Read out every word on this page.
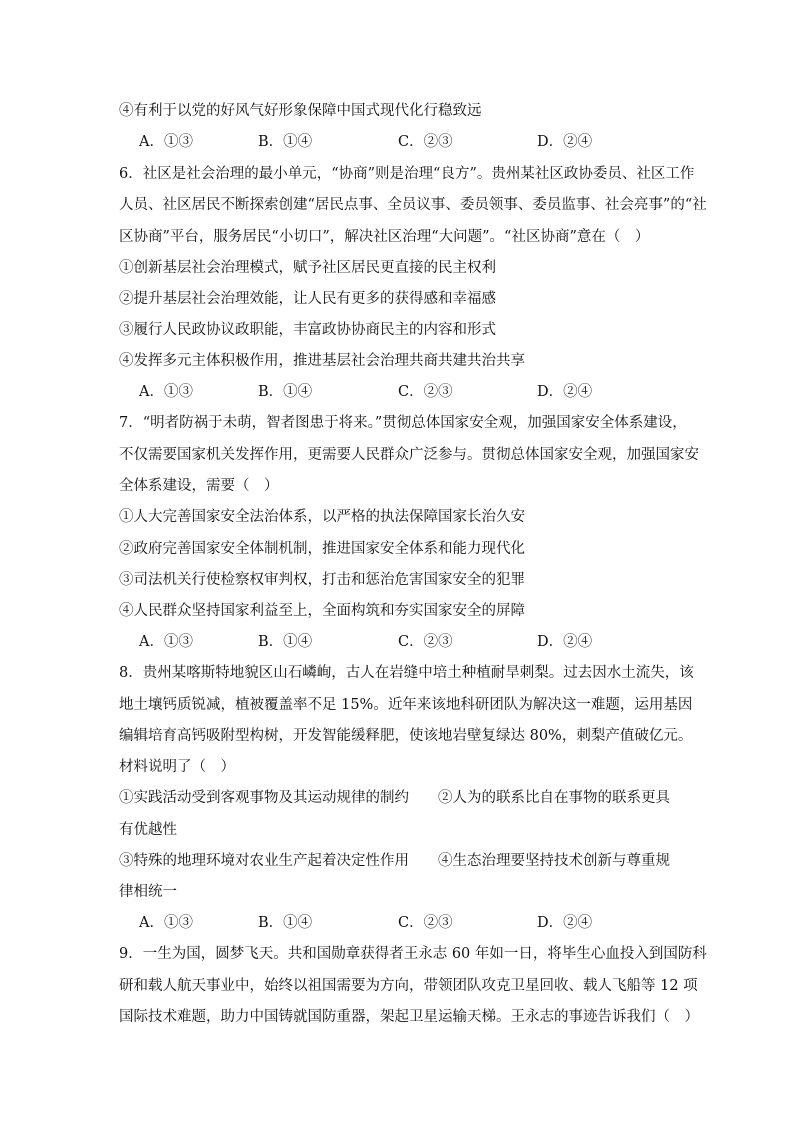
④有利于以党的好风气好形象保障中国式现代化行稳致远
A．①③	B．①④	C．②③	D．②④
6．社区是社会治理的最小单元，“协商”则是治理“良方”。贵州某社区政协委员、社区工作
人员、社区居民不断探索创建“居民点事、全员议事、委员领事、委员监事、社会亮事”的“社
区协商”平台，服务居民“小切口”，解决社区治理“大问题”。“社区协商”意在（　）
①创新基层社会治理模式，赋予社区居民更直接的民主权利
②提升基层社会治理效能，让人民有更多的获得感和幸福感
③履行人民政协议政职能，丰富政协协商民主的内容和形式
④发挥多元主体积极作用，推进基层社会治理共商共建共治共享
A．①③	B．①④	C．②③	D．②④
7．“明者防祸于未萌，智者图患于将来。”贯彻总体国家安全观，加强国家安全体系建设，
不仅需要国家机关发挥作用，更需要人民群众广泛参与。贯彻总体国家安全观，加强国家安
全体系建设，需要（　）
①人大完善国家安全法治体系，以严格的执法保障国家长治久安
②政府完善国家安全体制机制，推进国家安全体系和能力现代化
③司法机关行使检察权审判权，打击和惩治危害国家安全的犯罪
④人民群众坚持国家利益至上，全面构筑和夯实国家安全的屏障
A．①③	B．①④	C．②③	D．②④
8．贵州某喀斯特地貌区山石嶙峋，古人在岩缝中培土种植耐旱刺梨。过去因水土流失，该
地土壤钙质锐减，植被覆盖率不足 15%。近年来该地科研团队为解决这一难题，运用基因
编辑培育高钙吸附型构树，开发智能缓释肥，使该地岩壁复绿达 80%，刺梨产值破亿元。
材料说明了（　）
①实践活动受到客观事物及其运动规律的制约　　②人为的联系比自在事物的联系更具
有优越性
③特殊的地理环境对农业生产起着决定性作用　　④生态治理要坚持技术创新与尊重规
律相统一
A．①③	B．①④	C．②③	D．②④
9．一生为国，圆梦飞天。共和国勋章获得者王永志 60 年如一日，将毕生心血投入到国防科
研和载人航天事业中，始终以祖国需要为方向，带领团队攻克卫星回收、载人飞船等 12 项
国际技术难题，助力中国铸就国防重器，架起卫星运输天梯。王永志的事迹告诉我们（　）
